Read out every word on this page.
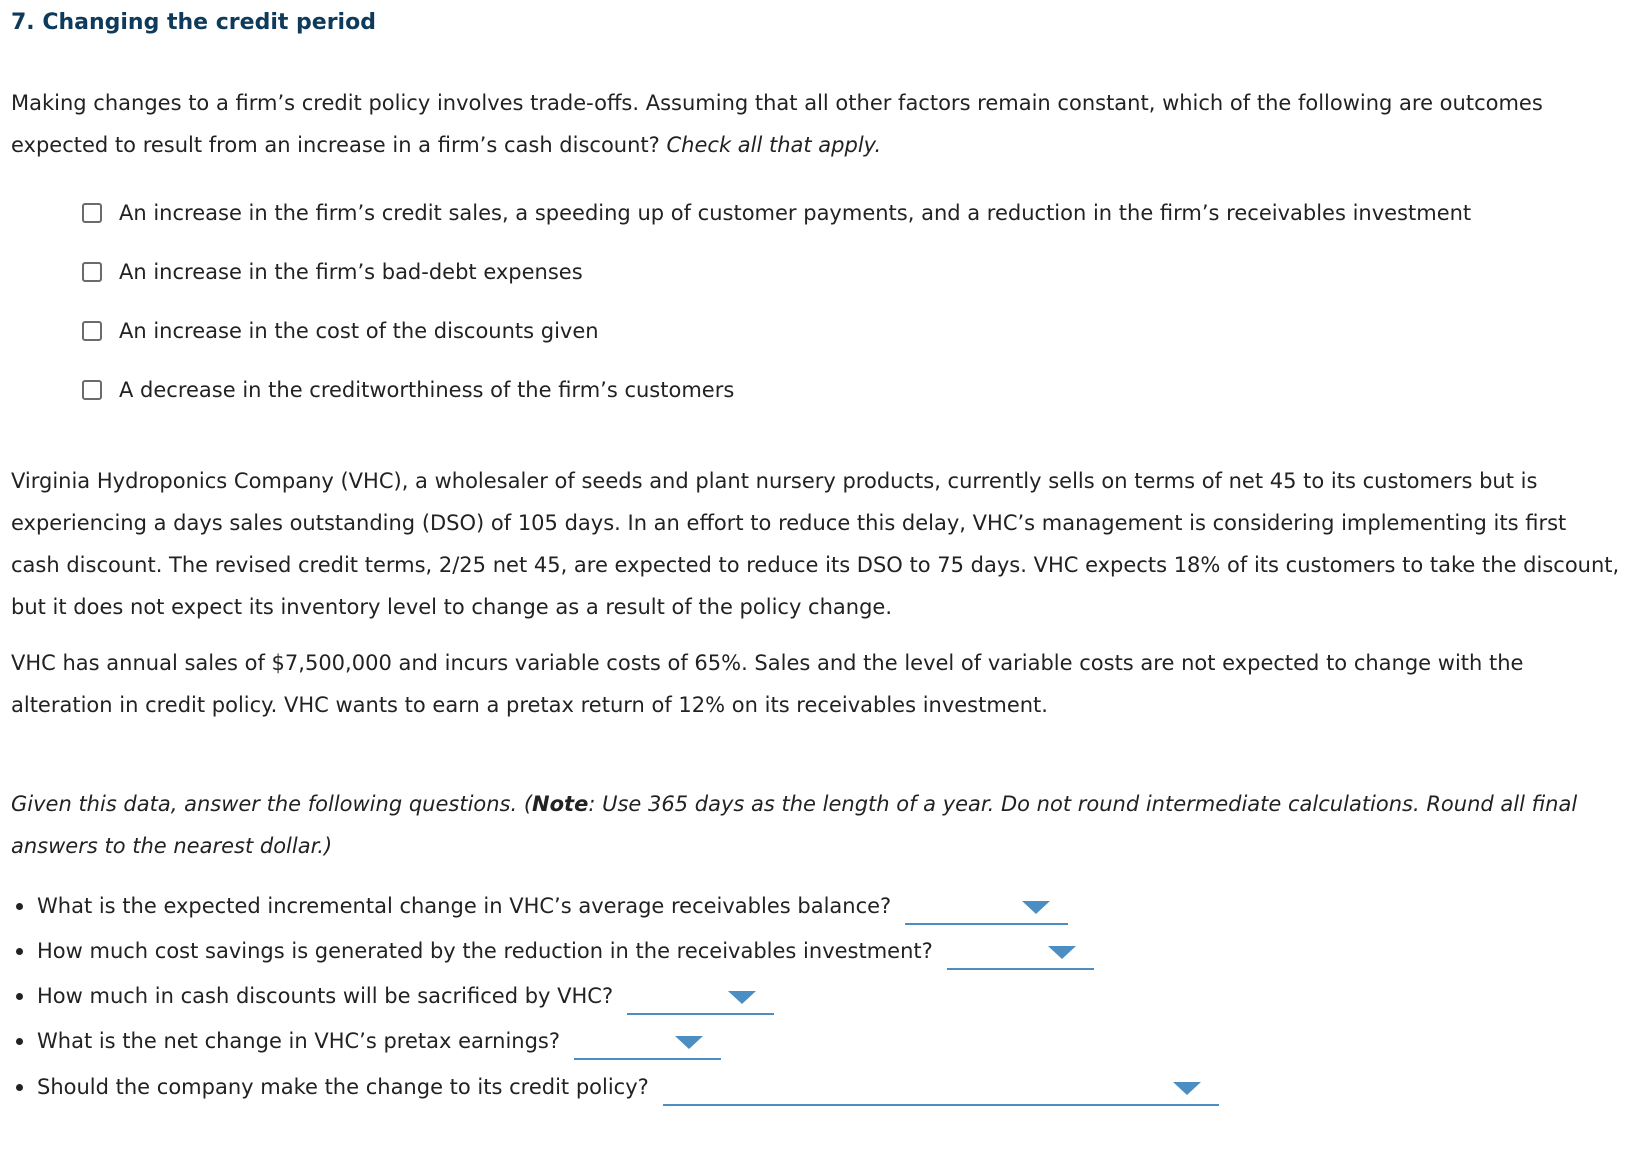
7. Changing the credit period
Making changes to a firm’s credit policy involves trade-offs. Assuming that all other factors remain constant, which of the following are outcomes expected to result from an increase in a firm’s cash discount? Check all that apply.
An increase in the firm’s credit sales, a speeding up of customer payments, and a reduction in the firm’s receivables investment
An increase in the firm’s bad-debt expenses
An increase in the cost of the discounts given
A decrease in the creditworthiness of the firm’s customers
Virginia Hydroponics Company (VHC), a wholesaler of seeds and plant nursery products, currently sells on terms of net 45 to its customers but is experiencing a days sales outstanding (DSO) of 105 days. In an effort to reduce this delay, VHC’s management is considering implementing its first cash discount. The revised credit terms, 2/25 net 45, are expected to reduce its DSO to 75 days. VHC expects 18% of its customers to take the discount, but it does not expect its inventory level to change as a result of the policy change.
VHC has annual sales of $7,500,000 and incurs variable costs of 65%. Sales and the level of variable costs are not expected to change with the alteration in credit policy. VHC wants to earn a pretax return of 12% on its receivables investment.
Given this data, answer the following questions. (Note: Use 365 days as the length of a year. Do not round intermediate calculations. Round all final answers to the nearest dollar.)
What is the expected incremental change in VHC’s average receivables balance?
How much cost savings is generated by the reduction in the receivables investment?
How much in cash discounts will be sacrificed by VHC?
What is the net change in VHC’s pretax earnings?
Should the company make the change to its credit policy?
